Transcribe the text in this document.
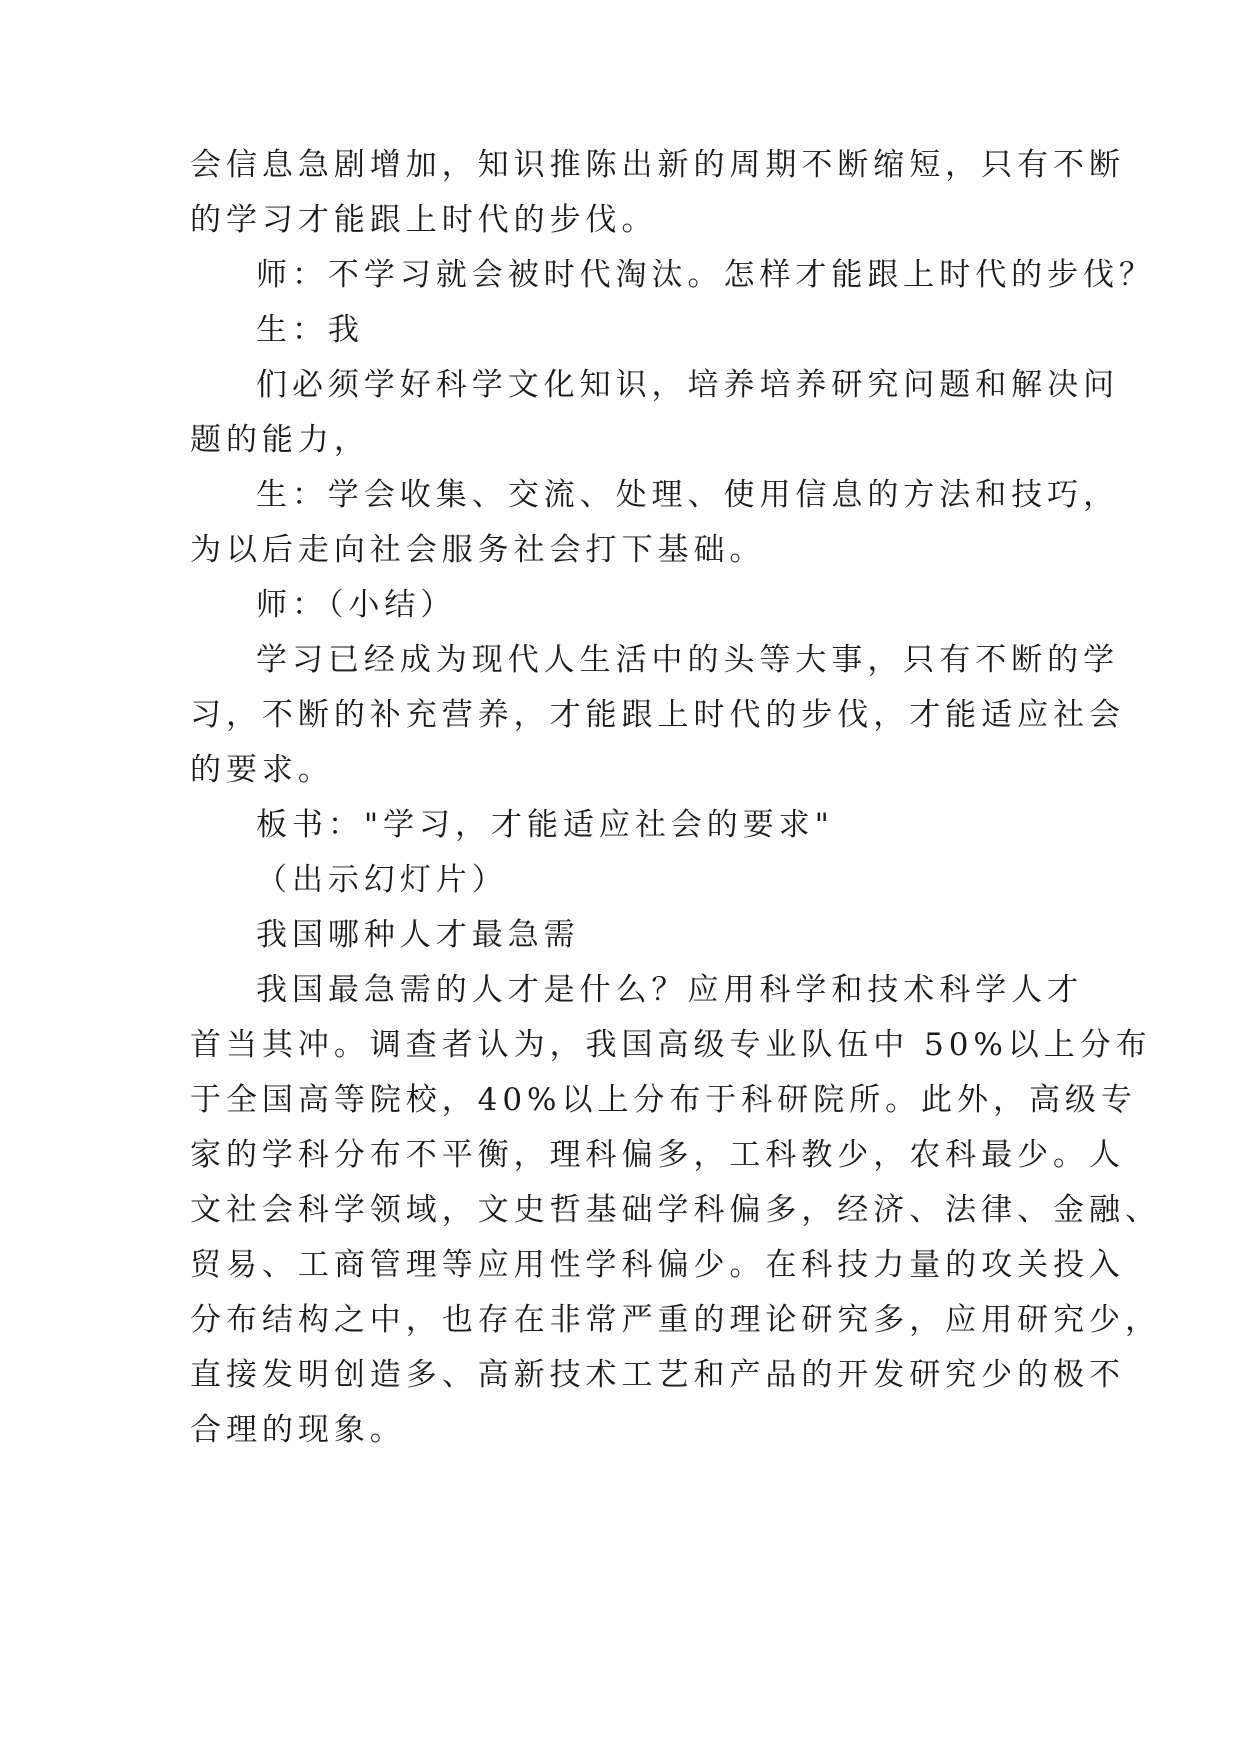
会信息急剧增加，知识推陈出新的周期不断缩短，只有不断
的学习才能跟上时代的步伐。
师：不学习就会被时代淘汰。怎样才能跟上时代的步伐？
生：我
们必须学好科学文化知识，培养培养研究问题和解决问
题的能力，
生：学会收集、交流、处理、使用信息的方法和技巧，
为以后走向社会服务社会打下基础。
师：（小结）
学习已经成为现代人生活中的头等大事，只有不断的学
习，不断的补充营养，才能跟上时代的步伐，才能适应社会
的要求。
板书："学习，才能适应社会的要求"
（出示幻灯片）
我国哪种人才最急需
我国最急需的人才是什么？应用科学和技术科学人才
首当其冲。调查者认为，我国高级专业队伍中 50%以上分布
于全国高等院校，40%以上分布于科研院所。此外，高级专
家的学科分布不平衡，理科偏多，工科教少，农科最少。人
文社会科学领域，文史哲基础学科偏多，经济、法律、金融、
贸易、工商管理等应用性学科偏少。在科技力量的攻关投入
分布结构之中，也存在非常严重的理论研究多，应用研究少，
直接发明创造多、高新技术工艺和产品的开发研究少的极不
合理的现象。
